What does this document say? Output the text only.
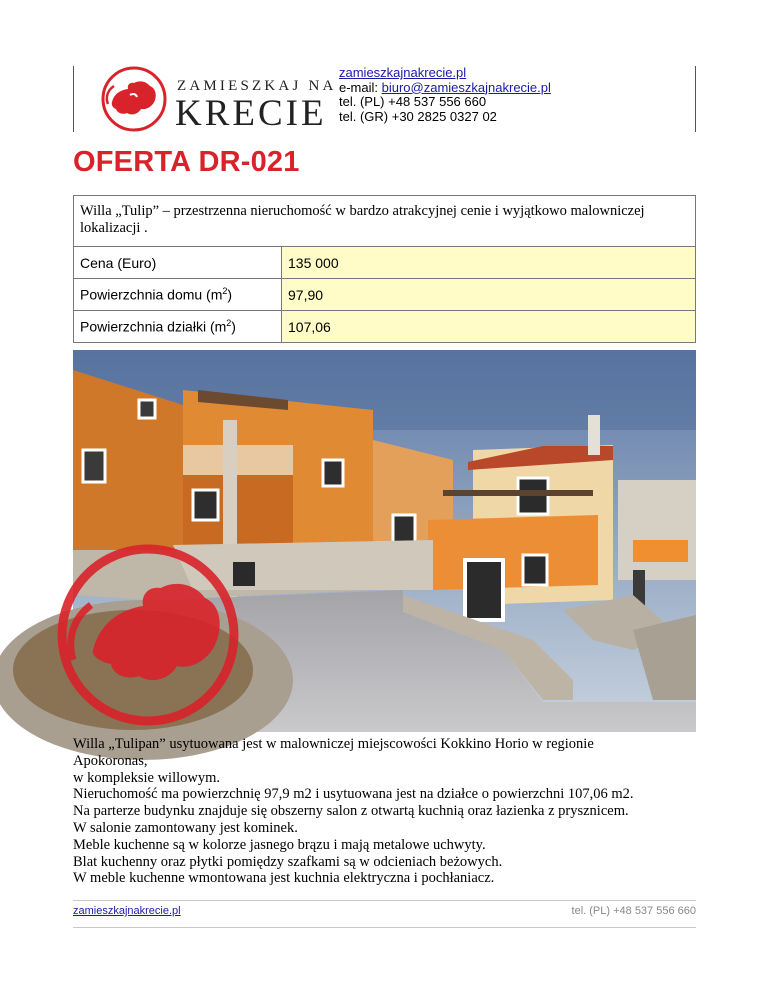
ZAMIESZKAJ NA
KRECIE
zamieszkajnakrecie.pl
e-mail: biuro@zamieszkajnakrecie.pl
tel. (PL) +48 537 556 660
tel. (GR) +30 2825 0327 02
OFERTA DR-021
Willa „Tulip” – przestrzenna nieruchomość w bardzo atrakcyjnej cenie i wyjątkowo malowniczej lokalizacji .	
Cena (Euro)	135 000
Powierzchnia domu $(m^2)$	97,90
Powierzchnia działki $(m^2)$	107,06

Willa „Tulipan” usytuowana jest w malowniczej miejscowości Kokkino Horio w regionie

Apokoronas,

w kompleksie willowym.

Nieruchomość ma powierzchnię 97,9 m2 i usytuowana jest na działce o powierzchni 107,06 m2.

Na parterze budynku znajduje się obszerny salon z otwartą kuchnią oraz łazienka z prysznicem.

W salonie zamontowany jest kominek.

Meble kuchenne są w kolorze jasnego brązu i mają metalowe uchwyty.

Blat kuchenny oraz płytki pomiędzy szafkami są w odcieniach beżowych.

W meble kuchenne wmontowana jest kuchnia elektryczna i pochłaniacz.

zamieszkajnakrecie.pl	tel. (PL) +48 537 556 660
